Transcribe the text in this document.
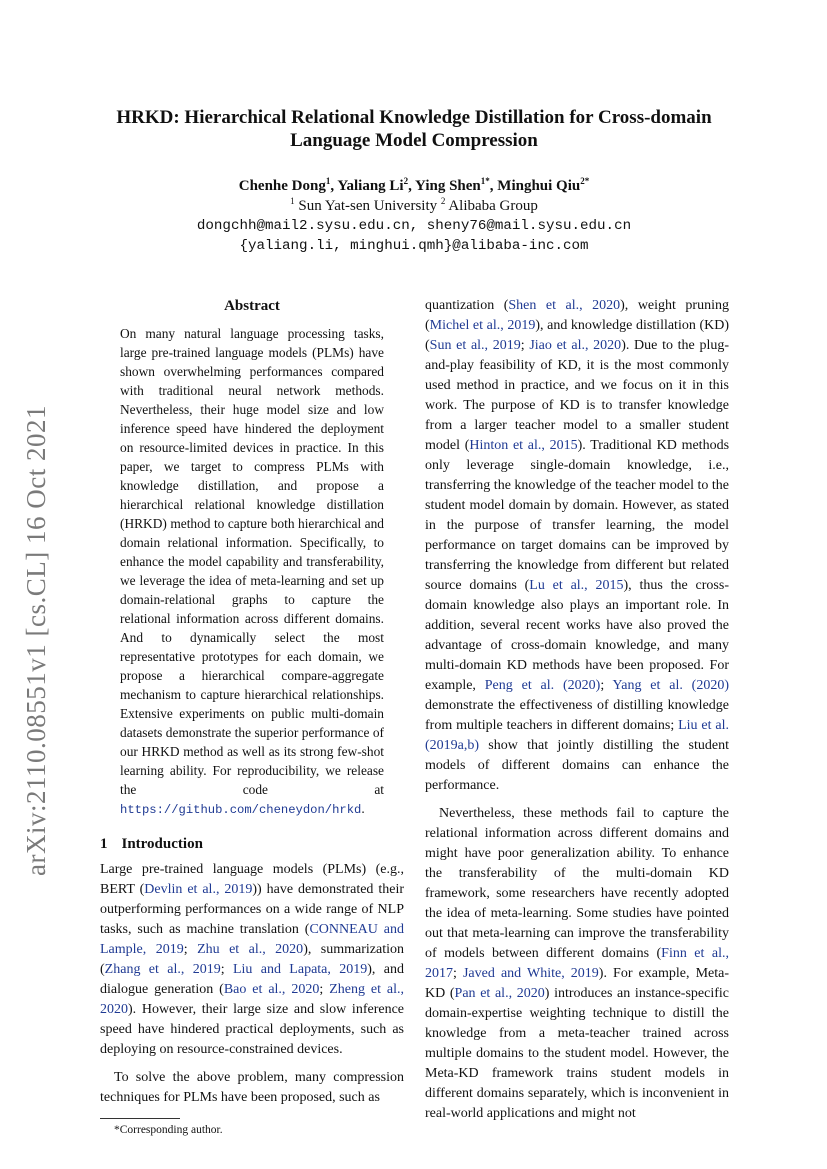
arXiv:2110.08551v1 [cs.CL] 16 Oct 2021
HRKD: Hierarchical Relational Knowledge Distillation for Cross-domain Language Model Compression
Chenhe Dong$^1$, Yaliang Li$^2$, Ying Shen$^{1*}$, Minghui Qiu$^{2*}$
$^1$ Sun Yat-sen University $^2$ Alibaba Group
dongchh@mail2.sysu.edu.cn, sheny76@mail.sysu.edu.cn
{yaliang.li, minghui.qmh}@alibaba-inc.com
Abstract
On many natural language processing tasks, large pre-trained language models (PLMs) have shown overwhelming performances compared with traditional neural network methods. Nevertheless, their huge model size and low inference speed have hindered the deployment on resource-limited devices in practice. In this paper, we target to compress PLMs with knowledge distillation, and propose a hierarchical relational knowledge distillation (HRKD) method to capture both hierarchical and domain relational information. Specifically, to enhance the model capability and transferability, we leverage the idea of meta-learning and set up domain-relational graphs to capture the relational information across different domains. And to dynamically select the most representative prototypes for each domain, we propose a hierarchical compare-aggregate mechanism to capture hierarchical relationships. Extensive experiments on public multi-domain datasets demonstrate the superior performance of our HRKD method as well as its strong few-shot learning ability. For reproducibility, we release the code at https://github.com/cheneydon/hrkd.
1 Introduction

Large pre-trained language models (PLMs) (e.g., BERT (Devlin et al., 2019)) have demonstrated their outperforming performances on a wide range of NLP tasks, such as machine translation (CONNEAU and Lample, 2019; Zhu et al., 2020), summarization (Zhang et al., 2019; Liu and Lapata, 2019), and dialogue generation (Bao et al., 2020; Zheng et al., 2020). However, their large size and slow inference speed have hindered practical deployments, such as deploying on resource-constrained devices.

To solve the above problem, many compression techniques for PLMs have been proposed, such as

*Corresponding author.

quantization (Shen et al., 2020), weight pruning (Michel et al., 2019), and knowledge distillation (KD) (Sun et al., 2019; Jiao et al., 2020). Due to the plug-and-play feasibility of KD, it is the most commonly used method in practice, and we focus on it in this work. The purpose of KD is to transfer knowledge from a larger teacher model to a smaller student model (Hinton et al., 2015). Traditional KD methods only leverage single-domain knowledge, i.e., transferring the knowledge of the teacher model to the student model domain by domain. However, as stated in the purpose of transfer learning, the model performance on target domains can be improved by transferring the knowledge from different but related source domains (Lu et al., 2015), thus the cross-domain knowledge also plays an important role. In addition, several recent works have also proved the advantage of cross-domain knowledge, and many multi-domain KD methods have been proposed. For example, Peng et al. (2020); Yang et al. (2020) demonstrate the effectiveness of distilling knowledge from multiple teachers in different domains; Liu et al. (2019a,b) show that jointly distilling the student models of different domains can enhance the performance.

Nevertheless, these methods fail to capture the relational information across different domains and might have poor generalization ability. To enhance the transferability of the multi-domain KD framework, some researchers have recently adopted the idea of meta-learning. Some studies have pointed out that meta-learning can improve the transferability of models between different domains (Finn et al., 2017; Javed and White, 2019). For example, Meta-KD (Pan et al., 2020) introduces an instance-specific domain-expertise weighting technique to distill the knowledge from a meta-teacher trained across multiple domains to the student model. However, the Meta-KD framework trains student models in different domains separately, which is inconvenient in real-world applications and might not
